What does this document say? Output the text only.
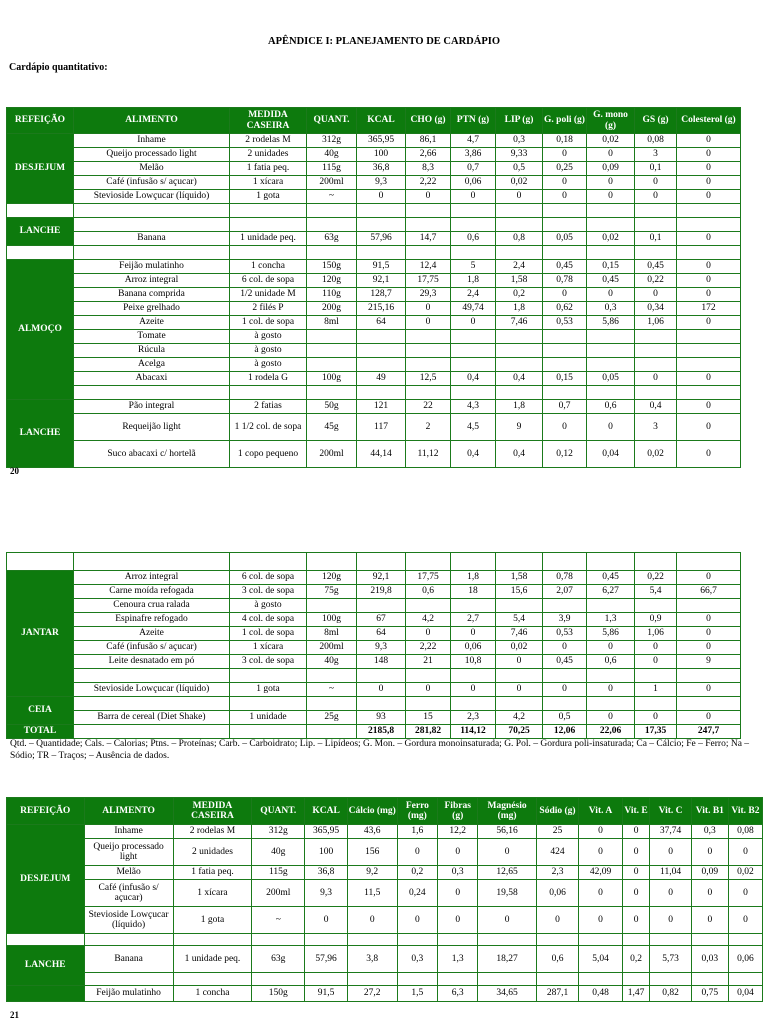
APÊNDICE I: PLANEJAMENTO DE CARDÁPIO
Cardápio quantitativo:
REFEIÇÃO	ALIMENTO	MEDIDA CASEIRA	QUANT.	KCAL	CHO (g)	PTN (g)	LIP (g)	G. poli (g)	G. mono (g)	GS (g)	Colesterol (g)
DESJEJUM	Inhame	2 rodelas M	312g	365,95	86,1	4,7	0,3	0,18	0,02	0,08	0
	Queijo processado light	2 unidades	40g	100	2,66	3,86	9,33	0	0	3	0
	Melão	1 fatia peq.	115g	36,8	8,3	0,7	0,5	0,25	0,09	0,1	0
	Café (infusão s/ açucar)	1 xícara	200ml	9,3	2,22	0,06	0,02	0	0	0	0
	Stevioside Lowçucar (líquido)	1 gota	~	0	0	0	0	0	0	0	0

LANCHE											
	Banana	1 unidade peq.	63g	57,96	14,7	0,6	0,8	0,05	0,02	0,1	0

ALMOÇO	Feijão mulatinho	1 concha	150g	91,5	12,4	5	2,4	0,45	0,15	0,45	0
	Arroz integral	6 col. de sopa	120g	92,1	17,75	1,8	1,58	0,78	0,45	0,22	0
	Banana comprida	1/2 unidade M	110g	128,7	29,3	2,4	0,2	0	0	0	0
	Peixe grelhado	2 filés P	200g	215,16	0	49,74	1,8	0,62	0,3	0,34	172
	Azeite	1 col. de sopa	8ml	64	0	0	7,46	0,53	5,86	1,06	0
	Tomate	à gosto									
	Rúcula	à gosto									
	Acelga	à gosto									
	Abacaxi	1 rodela G	100g	49	12,5	0,4	0,4	0,15	0,05	0	0

LANCHE	Pão integral	2 fatias	50g	121	22	4,3	1,8	0,7	0,6	0,4	0
	Requeijão light	1 1/2 col. de sopa	45g	117	2	4,5	9	0	0	3	0
	Suco abacaxi c/ hortelã	1 copo pequeno	200ml	44,14	11,12	0,4	0,4	0,12	0,04	0,02	0
20

JANTAR	Arroz integral	6 col. de sopa	120g	92,1	17,75	1,8	1,58	0,78	0,45	0,22	0
	Carne moída refogada	3 col. de sopa	75g	219,8	0,6	18	15,6	2,07	6,27	5,4	66,7
	Cenoura crua ralada	à gosto									
	Espinafre refogado	4 col. de sopa	100g	67	4,2	2,7	5,4	3,9	1,3	0,9	0
	Azeite	1 col. de sopa	8ml	64	0	0	7,46	0,53	5,86	1,06	0
	Café (infusão s/ açucar)	1 xícara	200ml	9,3	2,22	0,06	0,02	0	0	0	0
	Leite desnatado em pó	3 col. de sopa	40g	148	21	10,8	0	0,45	0,6	0	9

	Stevioside Lowçucar (líquido)	1 gota	~	0	0	0	0	0	0	1	0
CEIA											
	Barra de cereal (Diet Shake)	1 unidade	25g	93	15	2,3	4,2	0,5	0	0	0
TOTAL				2185,8	281,82	114,12	70,25	12,06	22,06	17,35	247,7
Qtd. – Quantidade; Cals. – Calorias; Ptns. – Proteínas; Carb. – Carboidrato; Lip. – Lipídeos; G. Mon. – Gordura monoinsaturada; G. Pol. – Gordura poli-insaturada; Ca – Cálcio; Fe – Ferro; Na – Sódio; TR – Traços; – Ausência de dados.
REFEIÇÃO	ALIMENTO	MEDIDA CASEIRA	QUANT.	KCAL	Cálcio (mg)	Ferro (mg)	Fibras (g)	Magnésio (mg)	Sódio (g)	Vit. A	Vit. E	Vit. C	Vit. B1	Vit. B2
DESJEJUM	Inhame	2 rodelas M	312g	365,95	43,6	1,6	12,2	56,16	25	0	0	37,74	0,3	0,08
	Queijo processado light	2 unidades	40g	100	156	0	0	0	424	0	0	0	0	0
	Melão	1 fatia peq.	115g	36,8	9,2	0,2	0,3	12,65	2,3	42,09	0	11,04	0,09	0,02
	Café (infusão s/ açucar)	1 xícara	200ml	9,3	11,5	0,24	0	19,58	0,06	0	0	0	0	0
	Stevioside Lowçucar (líquido)	1 gota	~	0	0	0	0	0	0	0	0	0	0	0

LANCHE	Banana	1 unidade peq.	63g	57,96	3,8	0,3	1,3	18,27	0,6	5,04	0,2	5,73	0,03	0,06

	Feijão mulatinho	1 concha	150g	91,5	27,2	1,5	6,3	34,65	287,1	0,48	1,47	0,82	0,75	0,04
21
